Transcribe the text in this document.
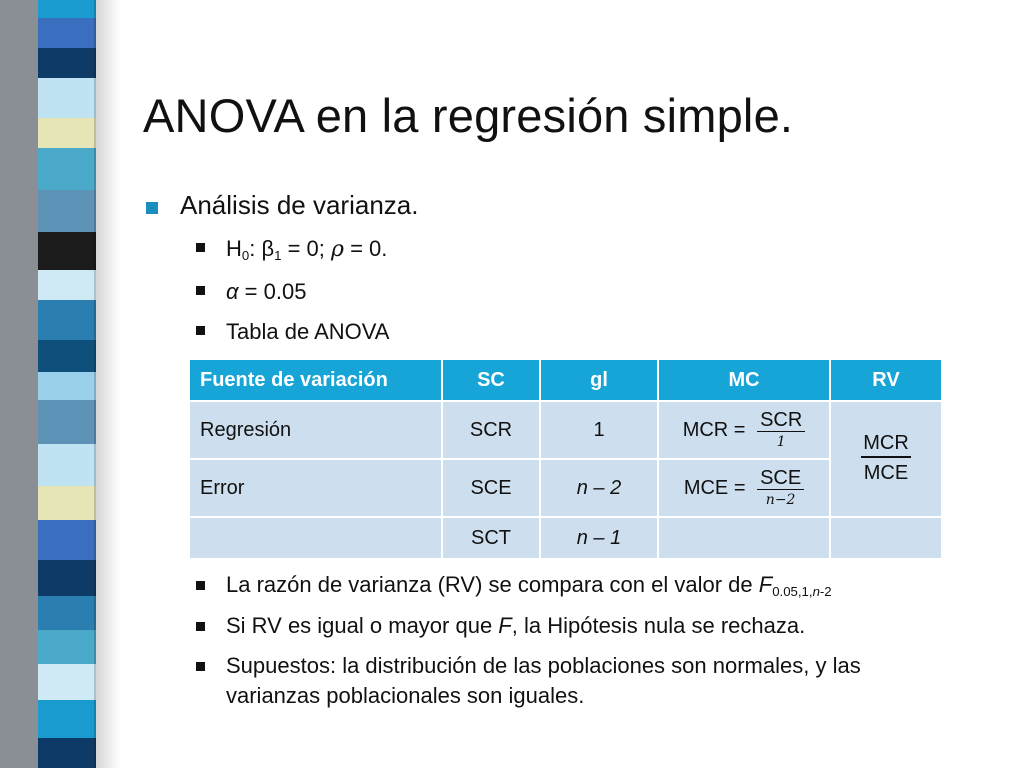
ANOVA en la regresión simple.
Análisis de varianza.
$H_0$: $\beta_1 = 0$; ρ = 0.
α = 0.05
Tabla de ANOVA
Fuente de variación	SC	gl	MC	RV
Regresión	SCR	1	MCR = $\frac{\text{SCR}}{1}$	$\frac{\text{MCR}}{\text{MCE}}$

Error	SCE	n – 2	MCE = $\frac{\text{SCE}}{n-2}$

	SCT	n – 1		
La razón de varianza (RV) se compara con el valor de $F_{0.05,1,n-2}$
Si RV es igual o mayor que F, la Hipótesis nula se rechaza.
Supuestos: la distribución de las poblaciones son normales, y las
varianzas poblacionales son iguales.
